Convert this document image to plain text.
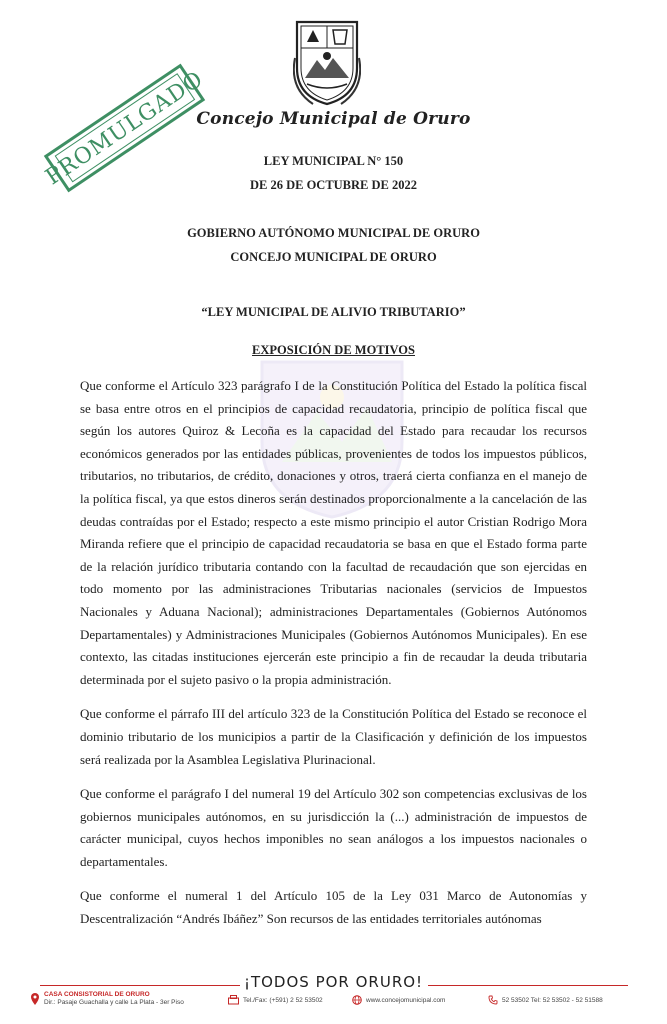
Concejo Municipal de Oruro
PROMULGADO	LEY MUNICIPAL N° 150
DE 26 DE OCTUBRE DE 2022
GOBIERNO AUTÓNOMO MUNICIPAL DE ORURO
CONCEJO MUNICIPAL DE ORURO
“LEY MUNICIPAL DE ALIVIO TRIBUTARIO”
EXPOSICIÓN DE MOTIVOS

Que conforme el Artículo 323 parágrafo I de la Constitución Política del Estado la política fiscal se basa entre otros en el principios de capacidad recaudatoria, principio de política fiscal que según los autores Quiroz & Lecoña es la capacidad del Estado para recaudar los recursos económicos generados por las entidades públicas, provenientes de todos los impuestos públicos, tributarios, no tributarios, de crédito, donaciones y otros, traerá cierta confianza en el manejo de la política fiscal, ya que estos dineros serán destinados proporcionalmente a la cancelación de las deudas contraídas por el Estado; respecto a este mismo principio el autor Cristian Rodrigo Mora Miranda refiere que el principio de capacidad recaudatoria se basa en que el Estado forma parte de la relación jurídico tributaria contando con la facultad de recaudación que son ejercidas en todo momento por las administraciones Tributarias nacionales (servicios de Impuestos Nacionales y Aduana Nacional); administraciones Departamentales (Gobiernos Autónomos Departamentales) y Administraciones Municipales (Gobiernos Autónomos Municipales). En ese contexto, las citadas instituciones ejercerán este principio a fin de recaudar la deuda tributaria determinada por el sujeto pasivo o la propia administración.

Que conforme el párrafo III del artículo 323 de la Constitución Política del Estado se reconoce el dominio tributario de los municipios a partir de la Clasificación y definición de los impuestos será realizada por la Asamblea Legislativa Plurinacional.

Que conforme el parágrafo I del numeral 19 del Artículo 302 son competencias exclusivas de los gobiernos municipales autónomos, en su jurisdicción la (...) administración de impuestos de carácter municipal, cuyos hechos imponibles no sean análogos a los impuestos nacionales o departamentales.

Que conforme el numeral 1 del Artículo 105 de la Ley 031 Marco de Autonomías y Descentralización “Andrés Ibáñez” Son recursos de las entidades territoriales autónomas

¡TODOS POR ORURO!
CASA CONSISTORIAL DE ORURO
Dir.: Pasaje Guachalla y calle La Plata - 3er Piso	Tel./Fax: (+591) 2 52 53502	www.concejomunicipal.com	52 53502 Tel: 52 53502 - 52 51588
